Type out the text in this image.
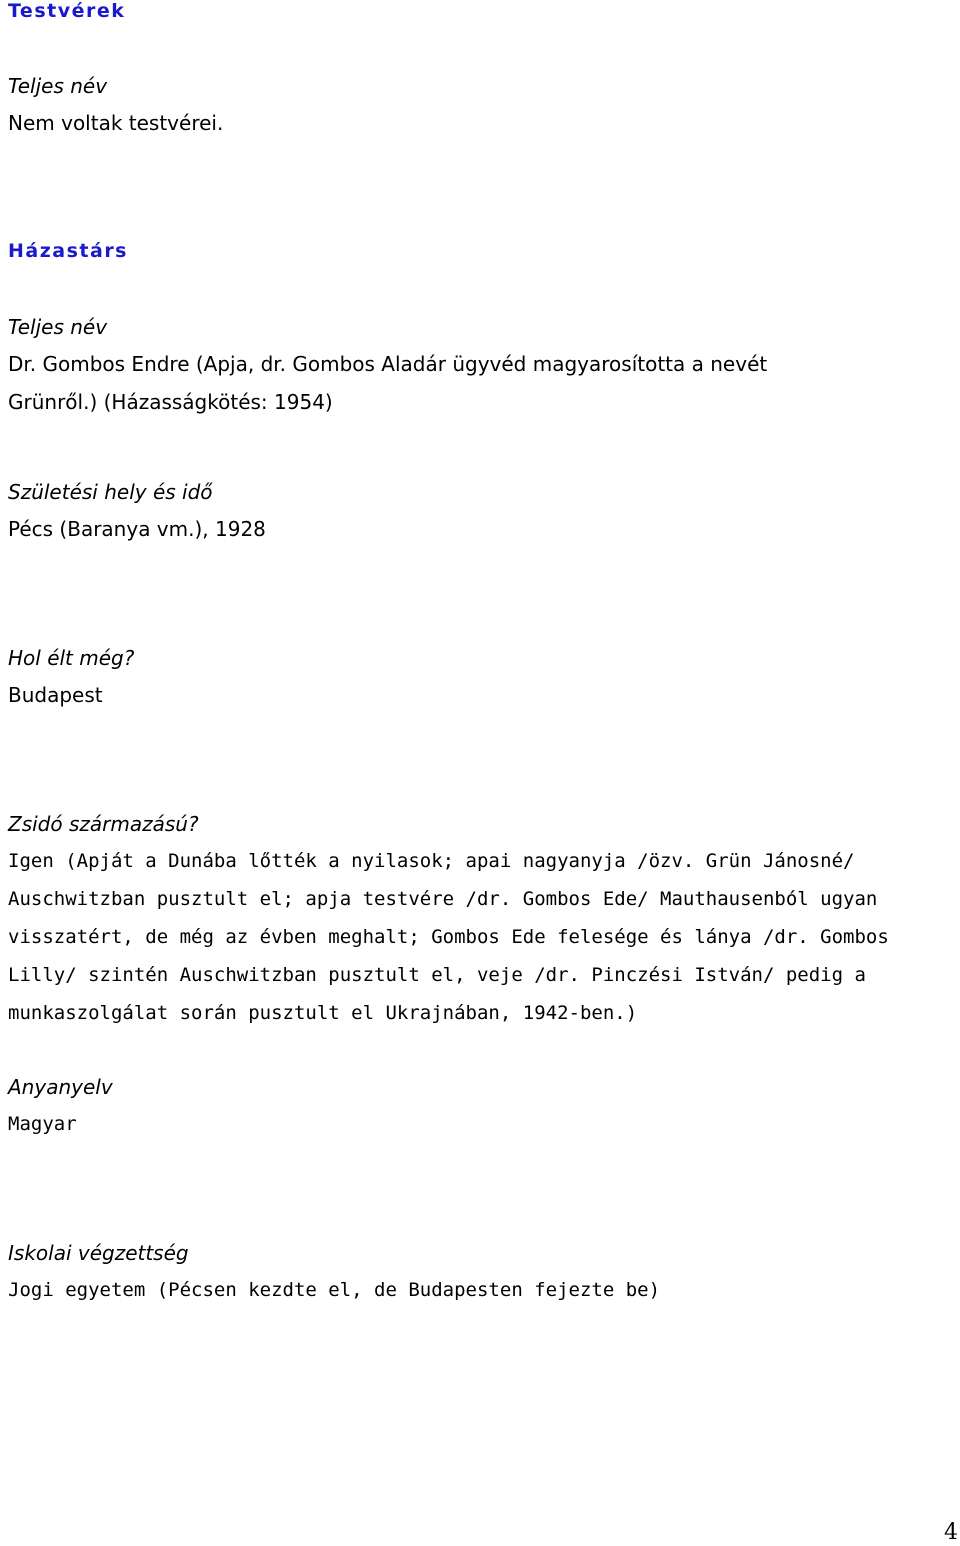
Testvérek

Teljes név

Nem voltak testvérei.

Házastárs

Teljes név

Dr. Gombos Endre (Apja, dr. Gombos Aladár ügyvéd magyarosította a nevét

Grünről.) (Házasságkötés: 1954)

Születési hely és idő

Pécs (Baranya vm.), 1928

Hol élt még?

Budapest

Zsidó származású?

Igen (Apját a Dunába lőtték a nyilasok; apai nagyanyja /özv. Grün Jánosné/

Auschwitzban pusztult el; apja testvére /dr. Gombos Ede/ Mauthausenból ugyan

visszatért, de még az évben meghalt; Gombos Ede felesége és lánya /dr. Gombos

Lilly/ szintén Auschwitzban pusztult el, veje /dr. Pinczési István/ pedig a

munkaszolgálat során pusztult el Ukrajnában, 1942-ben.)

Anyanyelv

Magyar

Iskolai végzettség

Jogi egyetem (Pécsen kezdte el, de Budapesten fejezte be)

4
